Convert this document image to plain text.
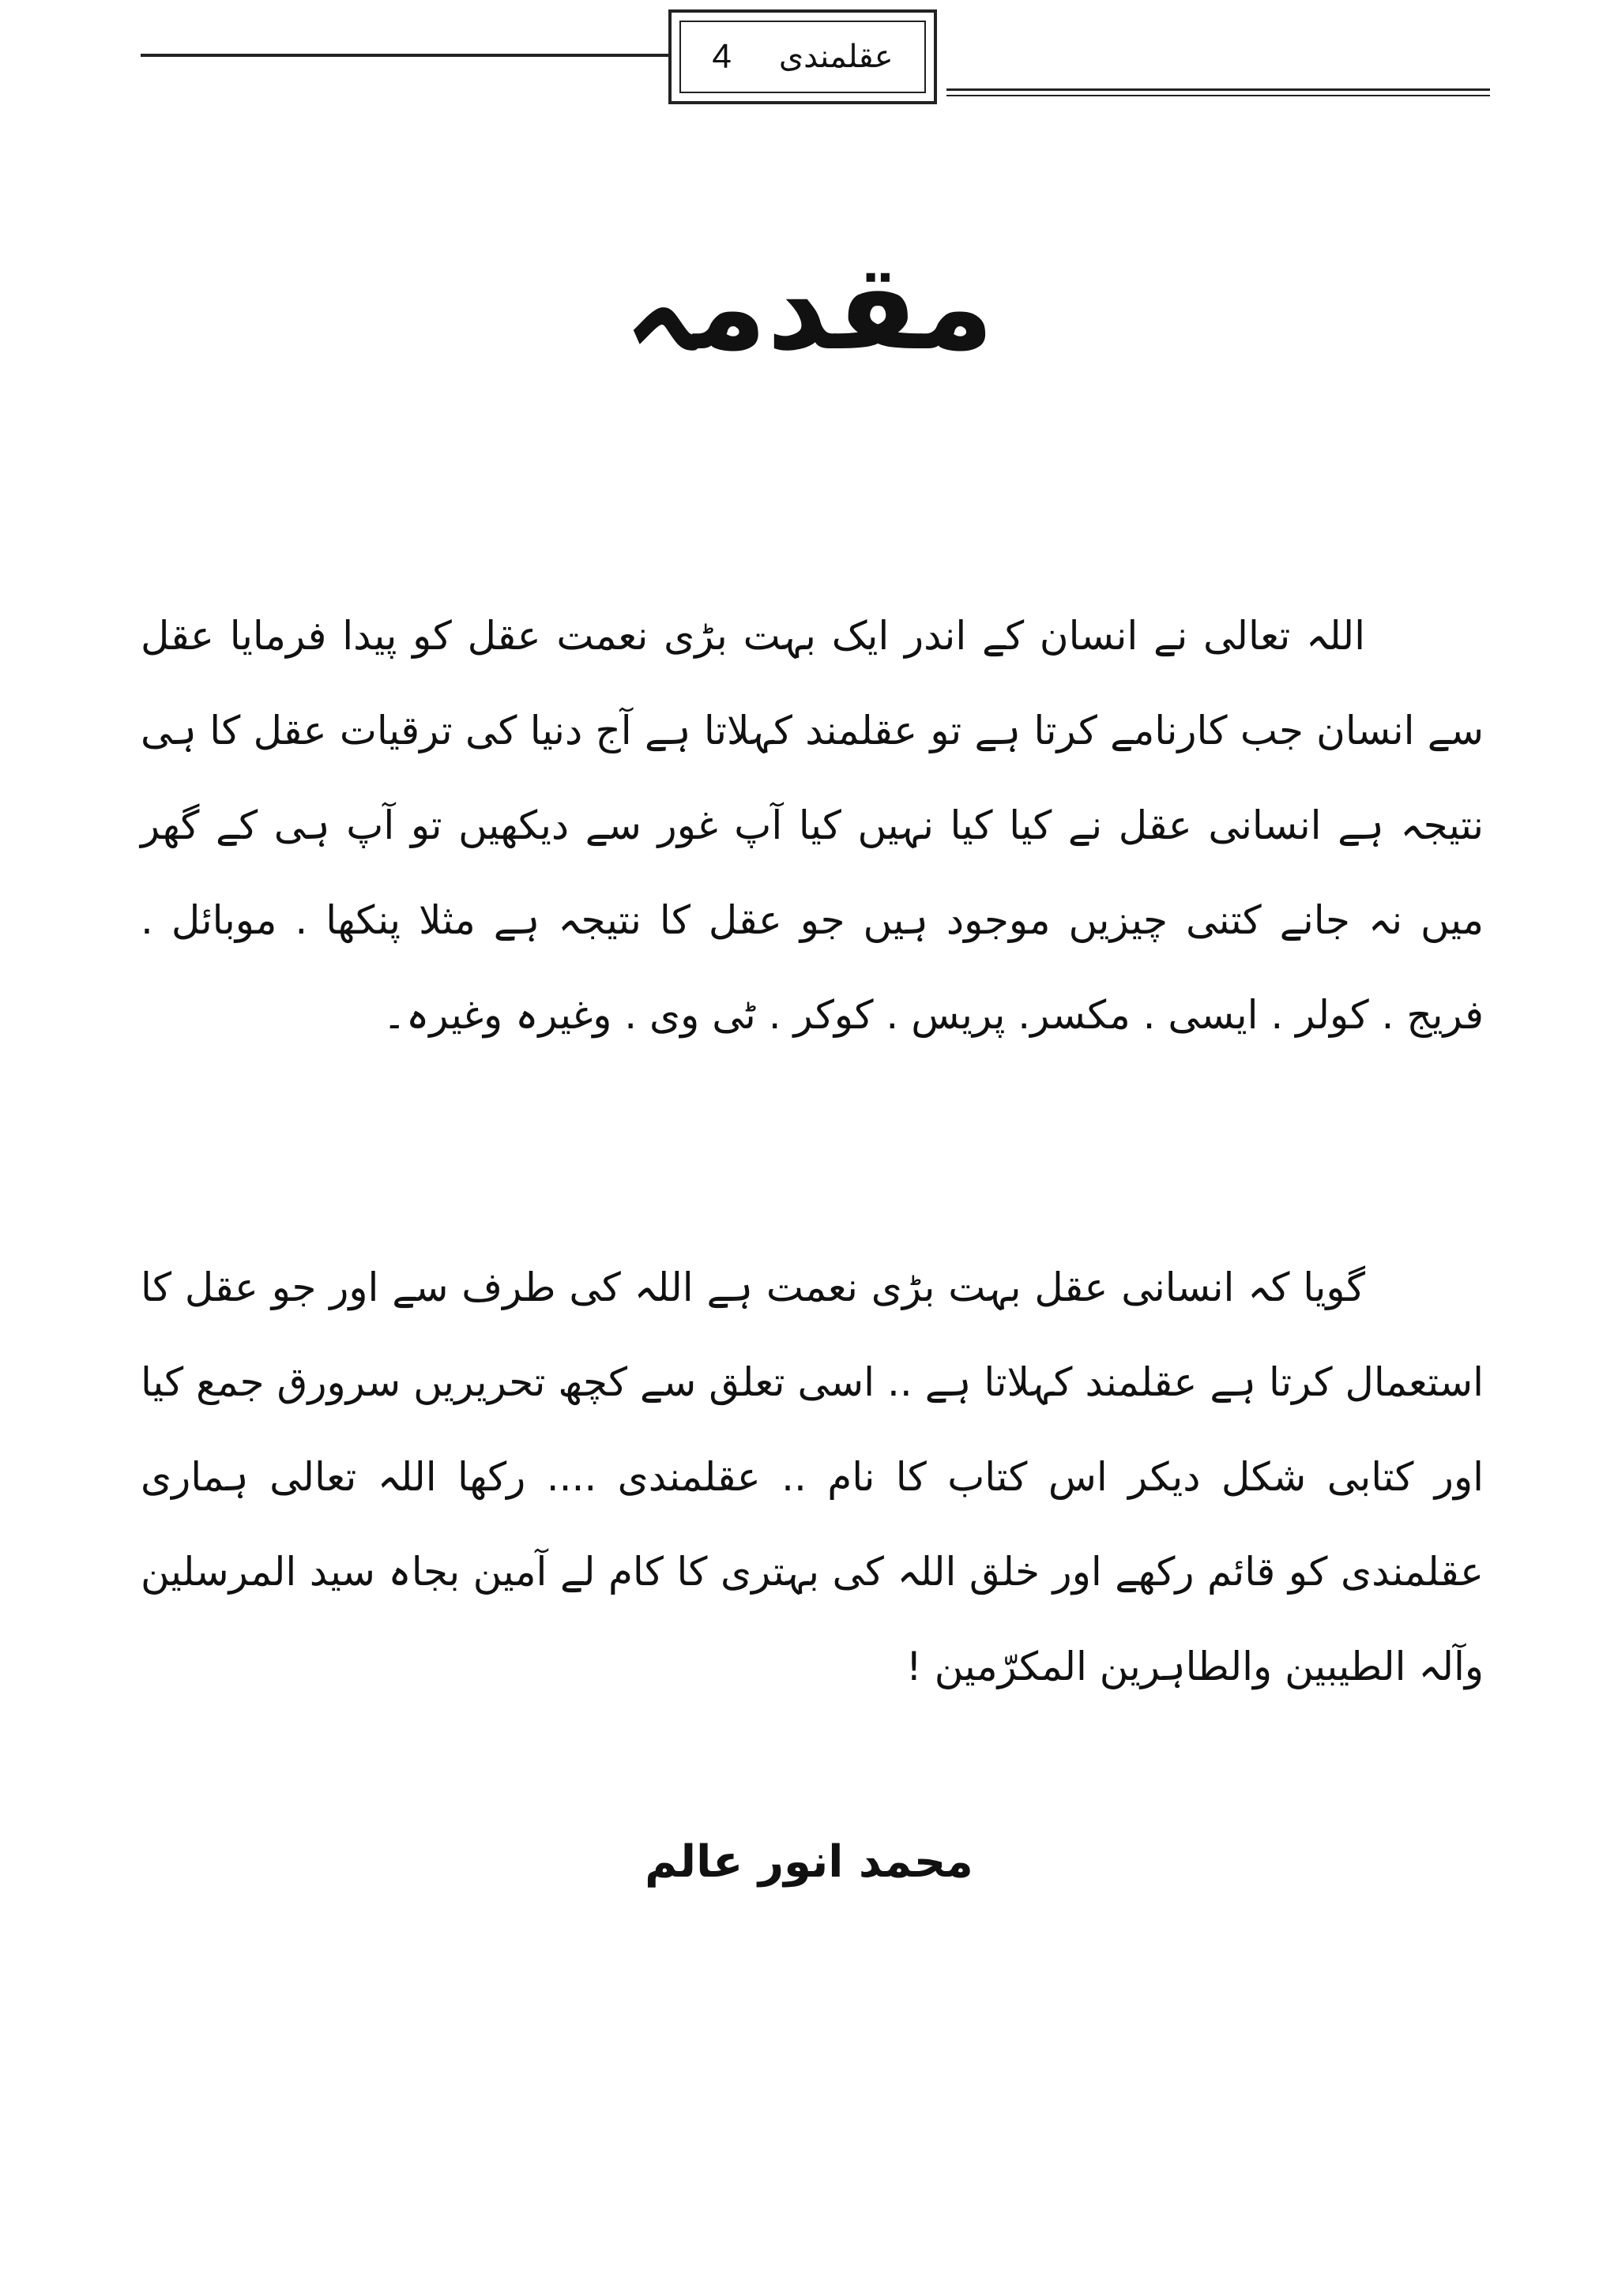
4 عقلمندی
مقدمہ
اللہ تعالی نے انسان کے اندر ایک بہت بڑی نعمت عقل کو پیدا فرمایا عقل سے انسان جب کارنامے کرتا ہے تو عقلمند کہلاتا ہے آج دنیا کی ترقیات عقل کا ہی نتیجہ ہے انسانی عقل نے کیا کیا نہیں کیا آپ غور سے دیکھیں تو آپ ہی کے گھر میں نہ جانے کتنی چیزیں موجود ہیں جو عقل کا نتیجہ ہے مثلا پنکھا . موبائل . فریج . کولر . ایسی . مکسر. پریس . کوکر . ٹی وی . وغیرہ وغیرہ۔
گویا کہ انسانی عقل بہت بڑی نعمت ہے اللہ کی طرف سے اور جو عقل کا استعمال کرتا ہے عقلمند کہلاتا ہے .. اسی تعلق سے کچھ تحریریں سرورق جمع کیا اور کتابی شکل دیکر اس کتاب کا نام .. عقلمندی .... رکھا اللہ تعالی ہماری عقلمندی کو قائم رکھے اور خلق اللہ کی بہتری کا کام لے آمین بجاہ سید المرسلین وآلہ الطیبین والطاہرین المکرّمین !
محمد انور عالم
